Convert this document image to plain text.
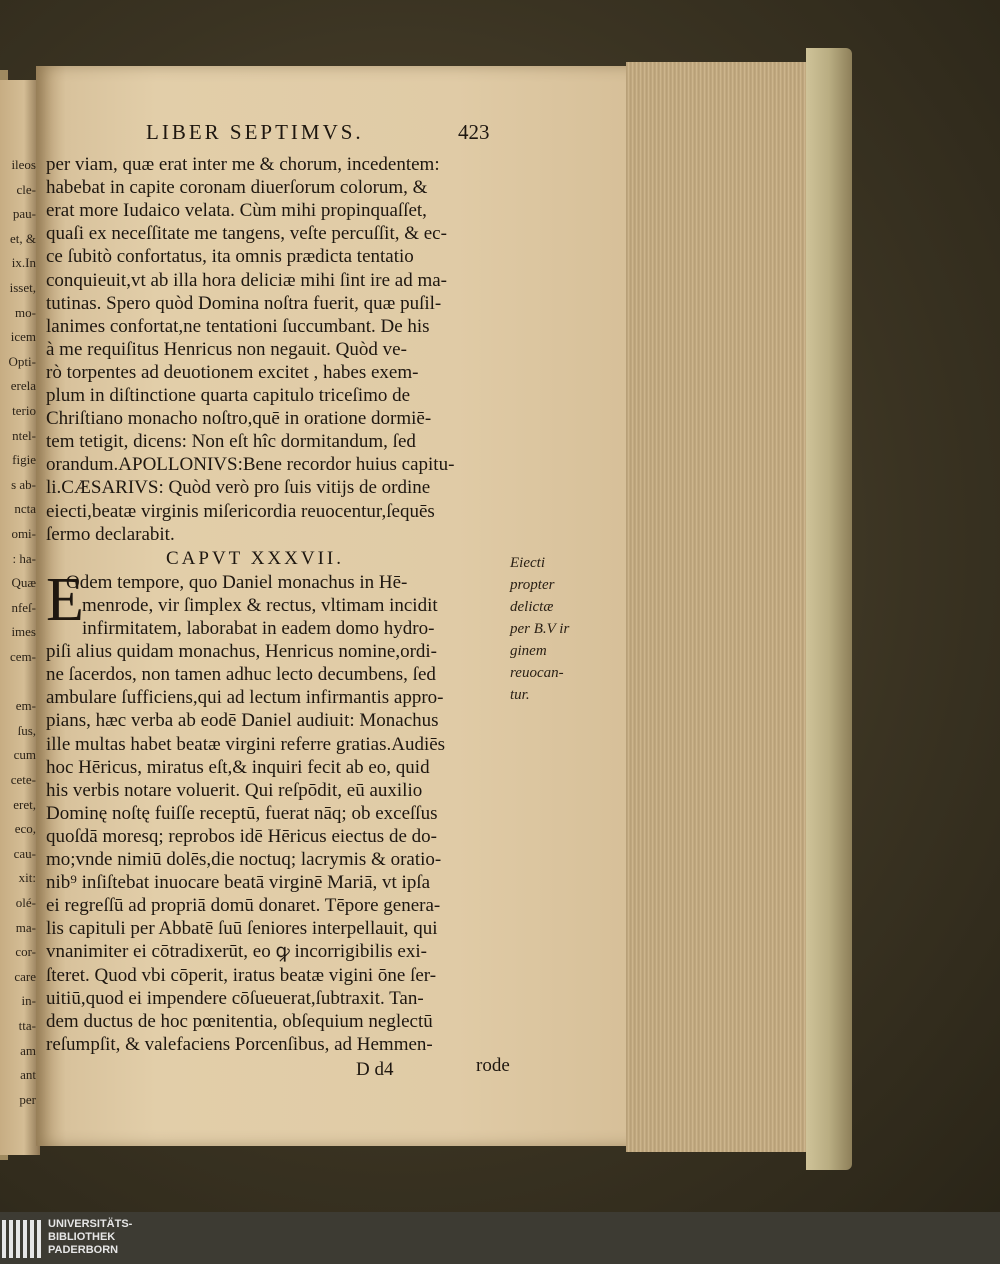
ileos
cle-
pau-
et, &
ix.In
isset,
mo-
icem
Opti-
erela
terio
ntel-
figie
s ab-
ncta
omi-
: ha-
Quæ
nfeſ-
imes
cem-
em-
ſus,
cum
cete-
eret,
eco,
cau-
xit:
olé-
ma-
cor-
care
in-
tta-
am
ant
per
LIBER SEPTIMVS.	423
per viam, quæ erat inter me & chorum, incedentem:
habebat in capite coronam diuerſorum colorum, &
erat more Iudaico velata. Cùm mihi propinquaſſet,
quaſi ex neceſſitate me tangens, veſte percuſſit, & ec-
ce ſubitò confortatus, ita omnis prædicta tentatio
conquieuit,vt ab illa hora deliciæ mihi ſint ire ad ma-
tutinas. Spero quòd Domina noſtra fuerit, quæ puſil-
lanimes confortat,ne tentationi ſuccumbant. De his
à me requiſitus Henricus non negauit. Quòd ve-
rò torpentes ad deuotionem excitet , habes exem-
plum in diſtinctione quarta capitulo triceſimo de
Chriſtiano monacho noſtro,quē in oratione dormiē-
tem tetigit, dicens: Non eſt hîc dormitandum, ſed
orandum.APOLLONIVS:Bene recordor huius capitu-
li.CÆSARIVS: Quòd verò pro ſuis vitijs de ordine
eiecti,beatæ virginis miſericordia reuocentur,ſequēs
ſermo declarabit.
CAPVT XXXVII.
E
Odem tempore, quo Daniel monachus in Hē-
menrode, vir ſimplex & rectus, vltimam incidit
infirmitatem, laborabat in eadem domo hydro-
piſi alius quidam monachus, Henricus nomine,ordi-
ne ſacerdos, non tamen adhuc lecto decumbens, ſed
ambulare ſufficiens,qui ad lectum infirmantis appro-
pians, hæc verba ab eodē Daniel audiuit: Monachus
ille multas habet beatæ virgini referre gratias.Audiēs
hoc Hēricus, miratus eſt,& inquiri fecit ab eo, quid
his verbis notare voluerit. Qui reſpōdit, eū auxilio
Dominę noſtę fuiſſe receptū, fuerat nāq; ob exceſſus
quoſdā moresq; reprobos idē Hēricus eiectus de do-
mo;vnde nimiū dolēs,die noctuq; lacrymis & oratio-
nib⁹ inſiſtebat inuocare beatā virginē Mariā, vt ipſa
ei regreſſū ad propriā domū donaret. Tēpore genera-
lis capituli per Abbatē ſuū ſeniores interpellauit, qui
vnanimiter ei cōtradixerūt, eo ꝙ incorrigibilis exi-
ſteret. Quod vbi cōperit, iratus beatæ vigini ōne ſer-
uitiū,quod ei impendere cōſueuerat,ſubtraxit. Tan-
dem ductus de hoc pœnitentia, obſequium neglectū
reſumpſit, & valefaciens Porcenſibus, ad Hemmen-
D d4	rode
Eiecti
propter
delictæ
per B.V ir
ginem
reuocan-
tur.
UNIVERSITÄTS-
BIBLIOTHEK
PADERBORN
